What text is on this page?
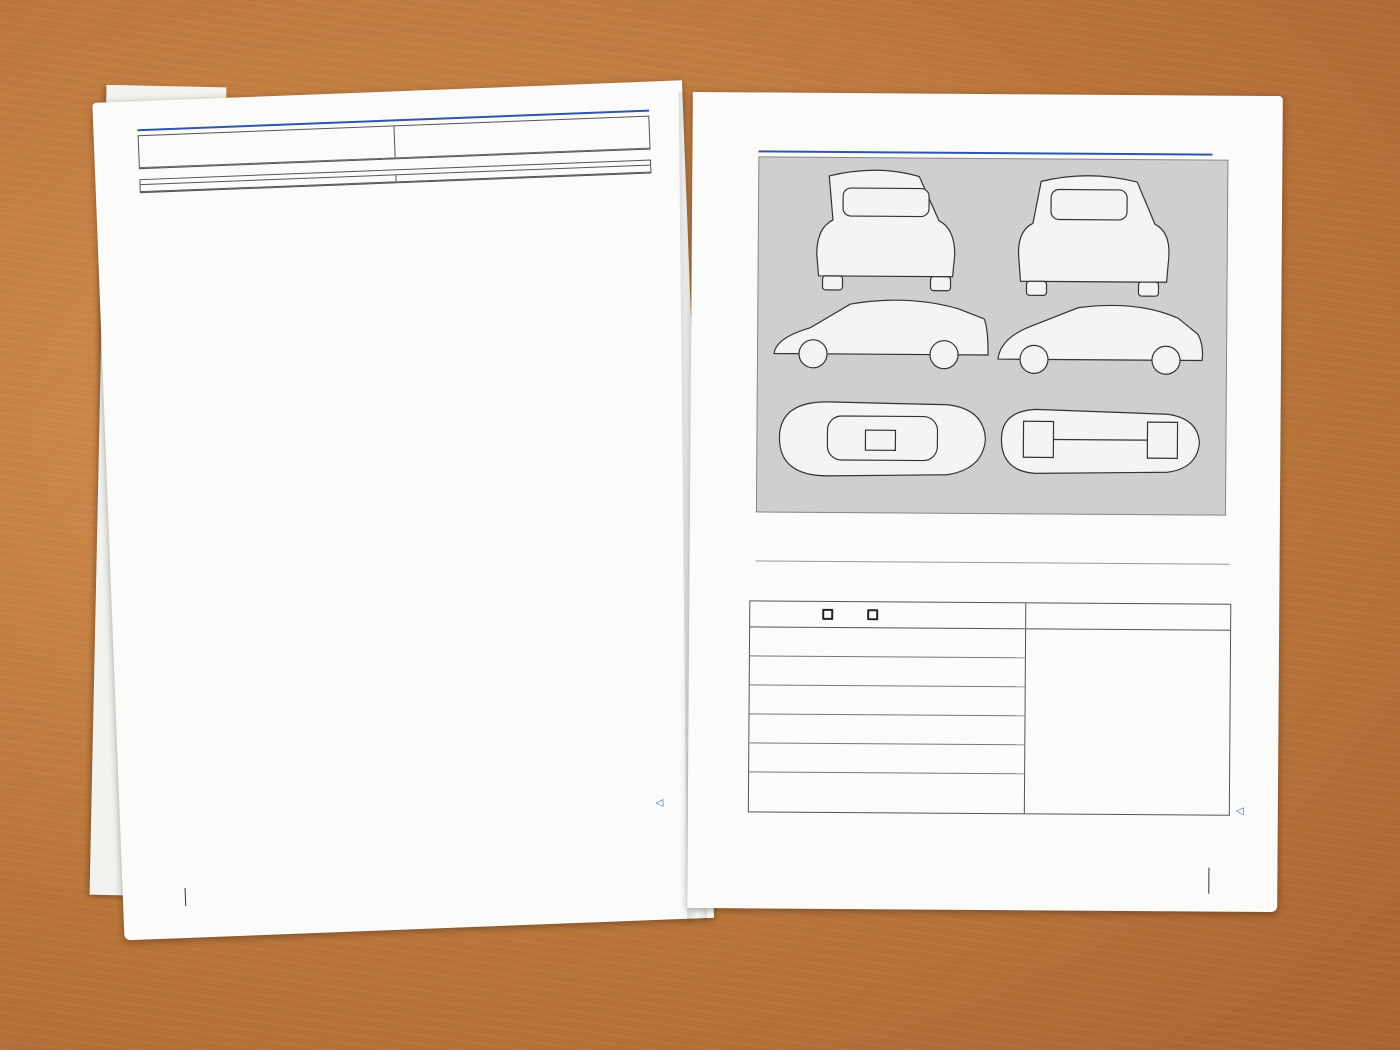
◁
◁
